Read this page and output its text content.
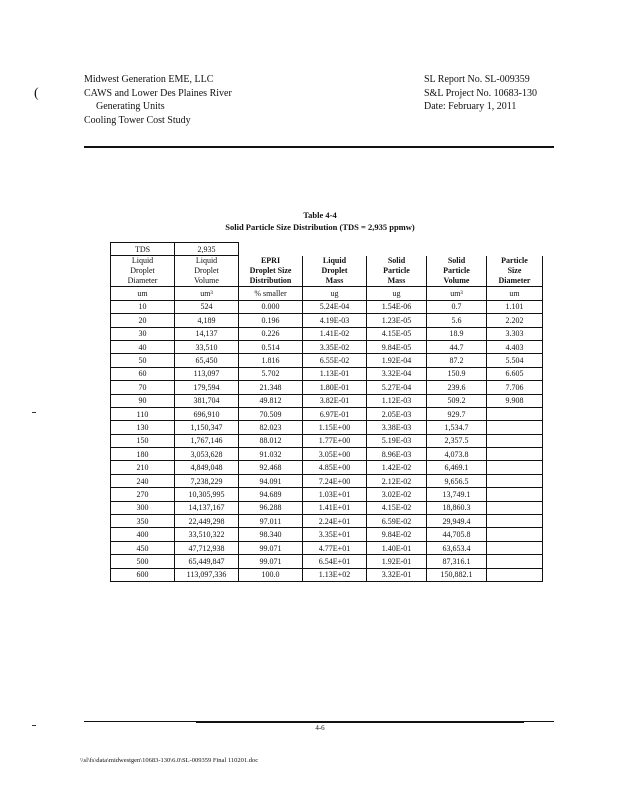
(
Midwest Generation EME, LLC
CAWS and Lower Des Plaines River
Generating Units
Cooling Tower Cost Study
SL Report No. SL-009359
S&L Project No. 10683-130
Date: February 1, 2011
Table 4-4
Solid Particle Size Distribution (TDS = 2,935 ppmw)
TDS	2,935					
Liquid
Droplet
Diameter	Liquid
Droplet
Volume	EPRI
Droplet Size
Distribution	Liquid
Droplet
Mass	Solid
Particle
Mass	Solid
Particle
Volume	Particle
Size
Diameter
um	um³	% smaller	ug	ug	um³	um
10	524	0.000	5.24E-04	1.54E-06	0.7	1.101
20	4,189	0.196	4.19E-03	1.23E-05	5.6	2.202
30	14,137	0.226	1.41E-02	4.15E-05	18.9	3.303
40	33,510	0.514	3.35E-02	9.84E-05	44.7	4.403
50	65,450	1.816	6.55E-02	1.92E-04	87.2	5.504
60	113,097	5.702	1.13E-01	3.32E-04	150.9	6.605
70	179,594	21.348	1.80E-01	5.27E-04	239.6	7.706
90	381,704	49.812	3.82E-01	1.12E-03	509.2	9.908
110	696,910	70.509	6.97E-01	2.05E-03	929.7	
130	1,150,347	82.023	1.15E+00	3.38E-03	1,534.7	
150	1,767,146	88.012	1.77E+00	5.19E-03	2,357.5	
180	3,053,628	91.032	3.05E+00	8.96E-03	4,073.8	
210	4,849,048	92.468	4.85E+00	1.42E-02	6,469.1	
240	7,238,229	94.091	7.24E+00	2.12E-02	9,656.5	
270	10,305,995	94.689	1.03E+01	3.02E-02	13,749.1	
300	14,137,167	96.288	1.41E+01	4.15E-02	18,860.3	
350	22,449,298	97.011	2.24E+01	6.59E-02	29,949.4	
400	33,510,322	98.340	3.35E+01	9.84E-02	44,705.8	
450	47,712,938	99.071	4.77E+01	1.40E-01	63,653.4	
500	65,449,847	99.071	6.54E+01	1.92E-01	87,316.1	
600	113,097,336	100.0	1.13E+02	3.32E-01	150,882.1	
4-6
\\sl\fs\data\midwestgen\10683-130\6.0\SL-009359 Final 110201.doc
